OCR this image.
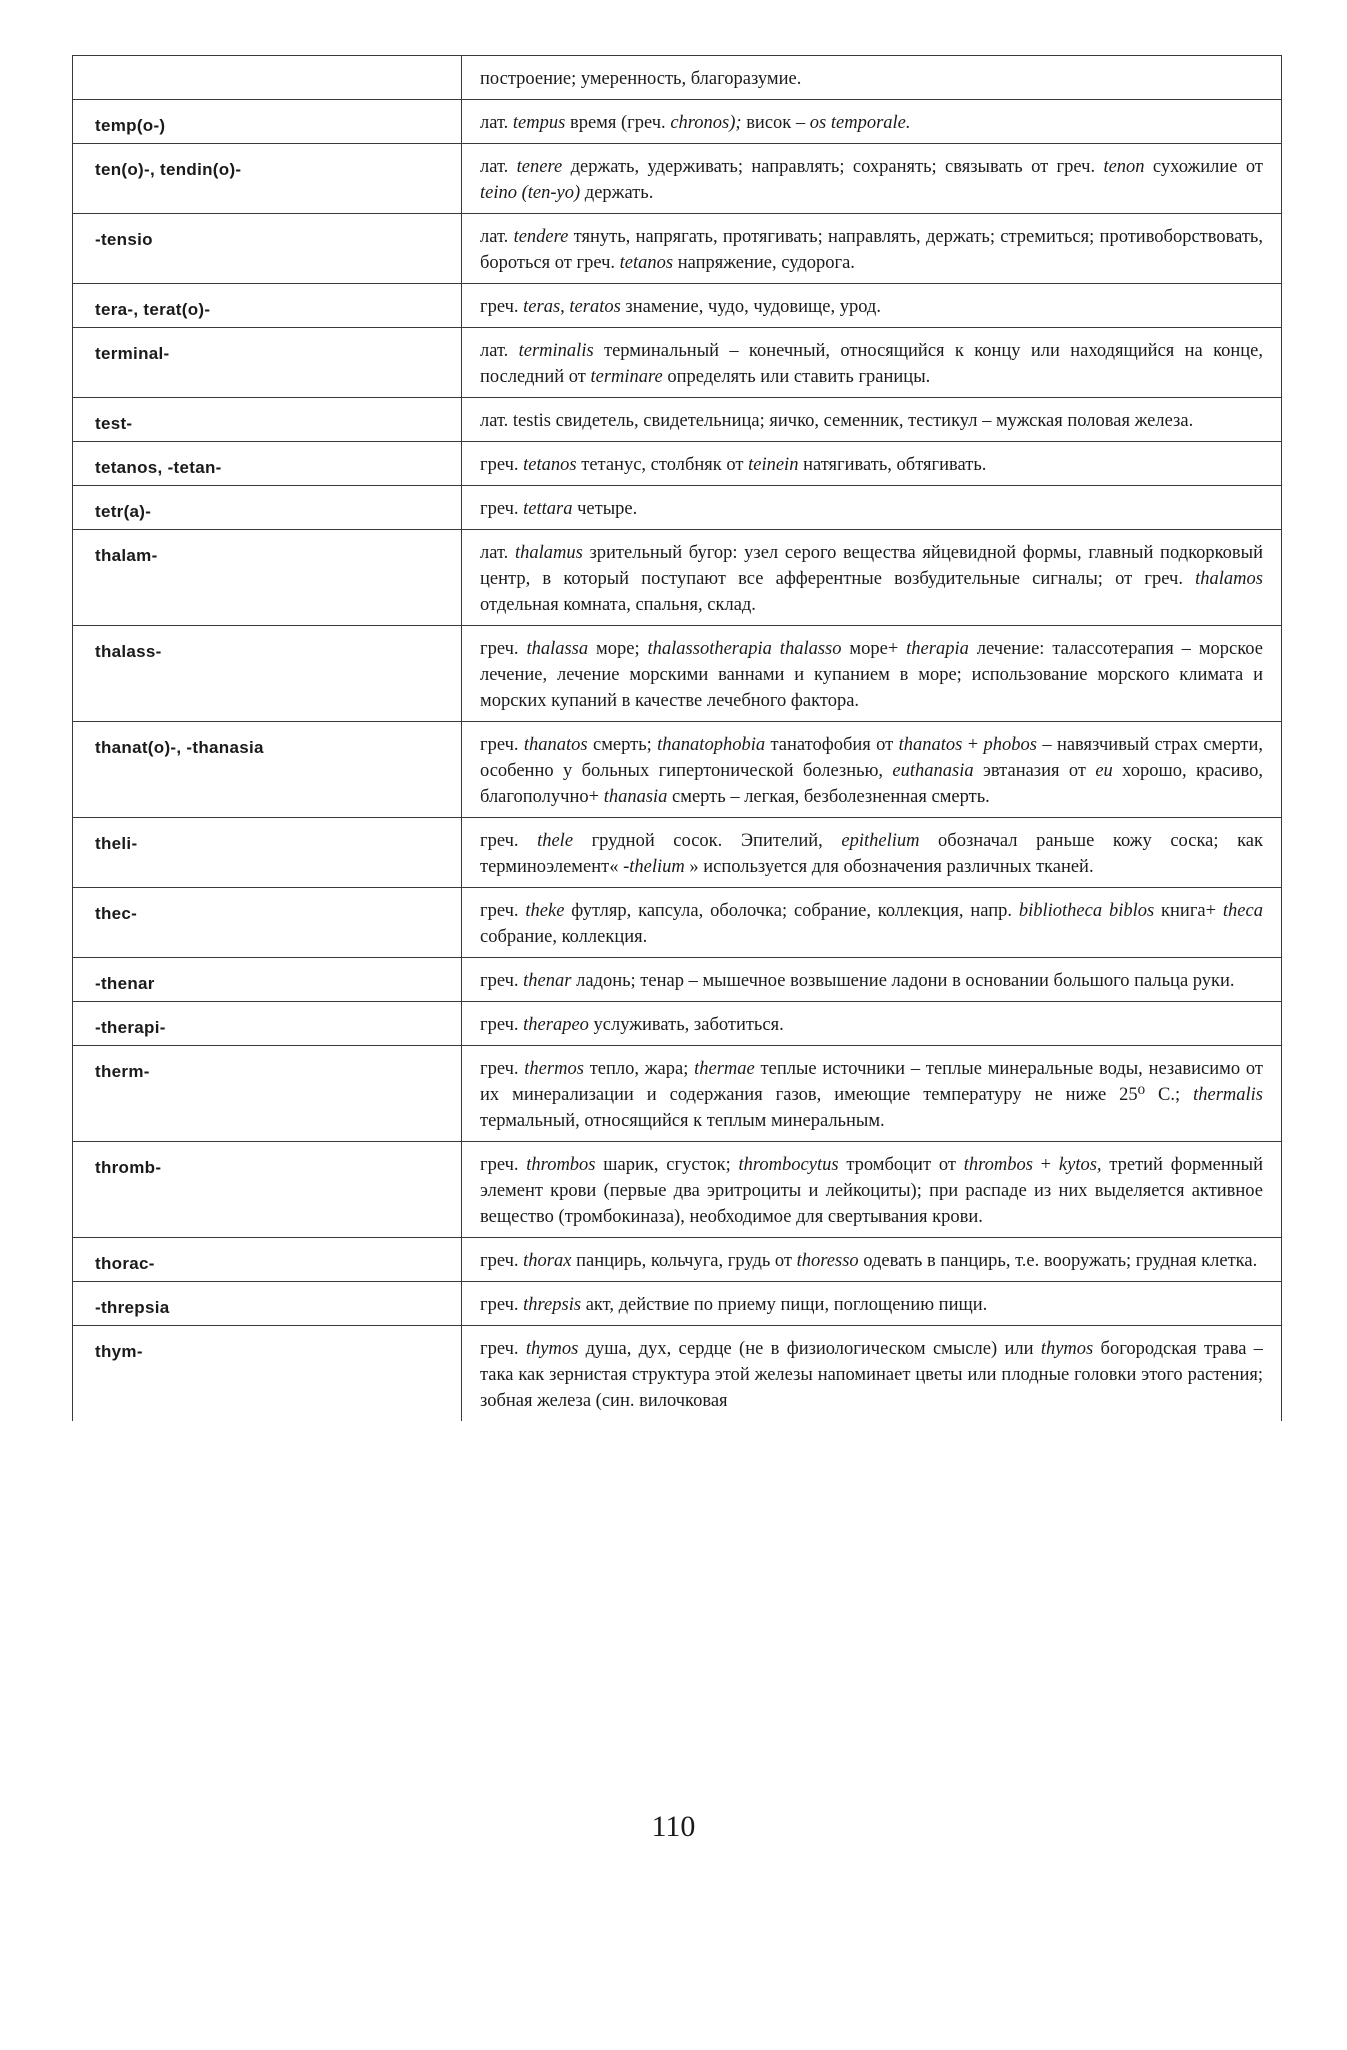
	построение; умеренность, благоразумие.
temp(o-)	лат. tempus время (греч. chronos); висок – os temporale.
ten(o)-, tendin(o)-	лат. tenere держать, удерживать; направлять; сохранять; связывать от греч. tenon сухожилие от teino (ten-yo) держать.
-tensio	лат. tendere тянуть, напрягать, протягивать; направлять, держать; стремиться; противоборствовать, бороться от греч. tetanos напряжение, судорога.
tera-, terat(o)-	греч. teras, teratos знамение, чудо, чудовище, урод.
terminal-	лат. terminalis терминальный – конечный, относящийся к концу или находящийся на конце, последний от terminare определять или ставить границы.
test-	лат. testis свидетель, свидетельница; яичко, семенник, тестикул – мужская половая железа.
tetanos, -tetan-	греч. tetanos тетанус, столбняк от teinein натягивать, обтягивать.
tetr(a)-	греч. tettara четыре.
thalam-	лат. thalamus зрительный бугор: узел серого вещества яйцевидной формы, главный подкорковый центр, в который поступают все афферентные возбудительные сигналы; от греч. thalamos отдельная комната, спальня, склад.
thalass-	греч. thalassa море; thalassotherapia thalasso море+ therapia лечение: талассотерапия – морское лечение, лечение морскими ваннами и купанием в море; использование морского климата и морских купаний в качестве лечебного фактора.
thanat(o)-, -thanasia	греч. thanatos смерть; thanatophobia танатофобия от thanatos + phobos – навязчивый страх смерти, особенно у больных гипертонической болезнью, euthanasia эвтаназия от eu хорошо, красиво, благополучно+ thanasia смерть – легкая, безболезненная смерть.
theli-	греч. thele грудной сосок. Эпителий, epithelium обозначал раньше кожу соска; как терминоэлемент« -thelium » используется для обозначения различных тканей.
thec-	греч. theke футляр, капсула, оболочка; собрание, коллекция, напр. bibliotheca biblos книга+ theca собрание, коллекция.
-thenar	греч. thenar ладонь; тенар – мышечное возвышение ладони в основании большого пальца руки.
-therapi-	греч. therapeo услуживать, заботиться.
therm-	греч. thermos тепло, жара; thermae теплые источники – теплые минеральные воды, независимо от их минерализации и содержания газов, имеющие температуру не ниже 25⁰ С.; thermalis термальный, относящийся к теплым минеральным.
thromb-	греч. thrombos шарик, сгусток; thrombocytus тромбоцит от thrombos + kytos, третий форменный элемент крови (первые два эритроциты и лейкоциты); при распаде из них выделяется активное вещество (тромбокиназа), необходимое для свертывания крови.
thorac-	греч. thorax панцирь, кольчуга, грудь от thoresso одевать в панцирь, т.е. вооружать; грудная клетка.
-threpsia	греч. threpsis акт, действие по приему пищи, поглощению пищи.
thym-	греч. thymos душа, дух, сердце (не в физиологическом смысле) или thymos богородская трава – така как зернистая структура этой железы напоминает цветы или плодные головки этого растения; зобная железа (син. вилочковая
110
